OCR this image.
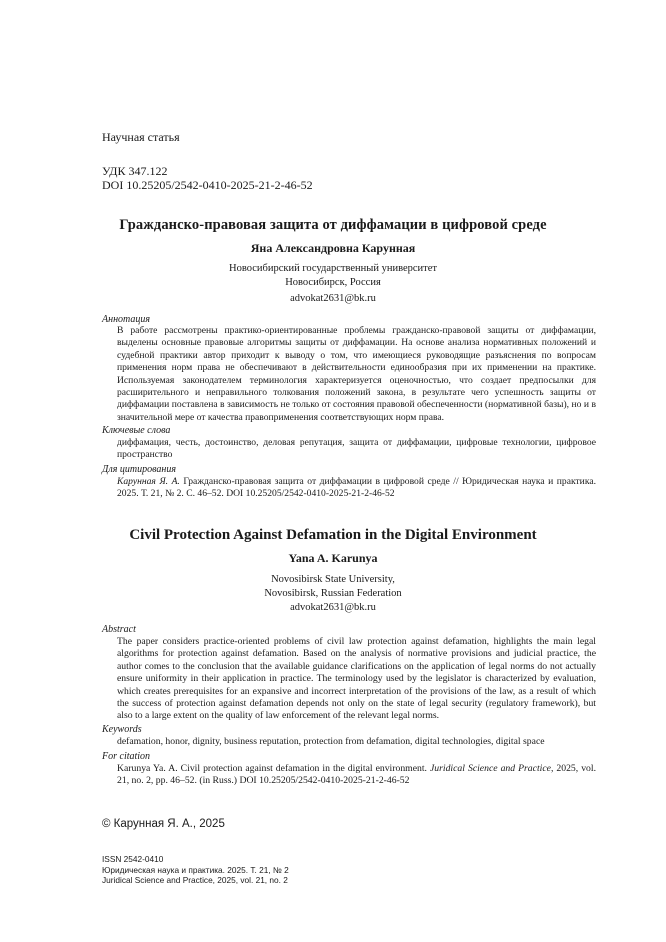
Научная статья
УДК 347.122
DOI 10.25205/2542-0410-2025-21-2-46-52
Гражданско-правовая защита от диффамации в цифровой среде
Яна Александровна Карунная
Новосибирский государственный университет
Новосибирск, Россия
advokat2631@bk.ru
Аннотация
В работе рассмотрены практико-ориентированные проблемы гражданско-правовой защиты от диффамации, выделены основные правовые алгоритмы защиты от диффамации. На основе анализа нормативных положений и судебной практики автор приходит к выводу о том, что имеющиеся руководящие разъяснения по вопросам применения норм права не обеспечивают в действительности единообразия при их применении на практике. Используемая законодателем терминология характеризуется оценочностью, что создает предпосылки для расширительного и неправильного толкования положений закона, в результате чего успешность защиты от диффамации поставлена в зависимость не только от состояния правовой обеспеченности (нормативной базы), но и в значительной мере от качества правоприменения соответствующих норм права.
Ключевые слова
диффамация, честь, достоинство, деловая репутация, защита от диффамации, цифровые технологии, цифровое пространство
Для цитирования
Карунная Я. А. Гражданско-правовая защита от диффамации в цифровой среде // Юридическая наука и практика. 2025. Т. 21, № 2. С. 46–52. DOI 10.25205/2542-0410-2025-21-2-46-52
Civil Protection Against Defamation in the Digital Environment
Yana A. Karunya
Novosibirsk State University,
Novosibirsk, Russian Federation
advokat2631@bk.ru
Abstract
The paper considers practice-oriented problems of civil law protection against defamation, highlights the main legal algorithms for protection against defamation. Based on the analysis of normative provisions and judicial practice, the author comes to the conclusion that the available guidance clarifications on the application of legal norms do not actually ensure uniformity in their application in practice. The terminology used by the legislator is characterized by evaluation, which creates prerequisites for an expansive and incorrect interpretation of the provisions of the law, as a result of which the success of protection against defamation depends not only on the state of legal security (regulatory framework), but also to a large extent on the quality of law enforcement of the relevant legal norms.
Keywords
defamation, honor, dignity, business reputation, protection from defamation, digital technologies, digital space
For citation
Karunya Ya. A. Civil protection against defamation in the digital environment. Juridical Science and Practice, 2025, vol. 21, no. 2, pp. 46–52. (in Russ.) DOI 10.25205/2542-0410-2025-21-2-46-52
© Карунная Я. А., 2025
ISSN 2542-0410
Юридическая наука и практика. 2025. Т. 21, № 2
Juridical Science and Practice, 2025, vol. 21, no. 2
